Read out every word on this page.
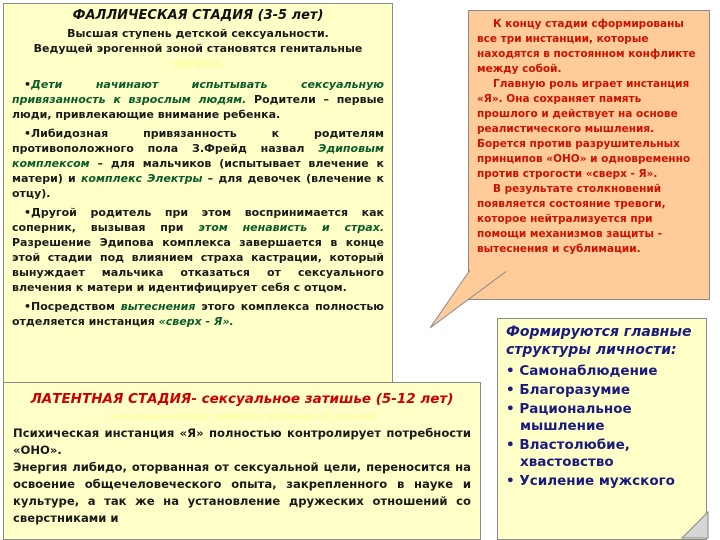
ФАЛЛИЧЕСКАЯ СТАДИЯ (3-5 лет)
Высшая ступень детской сексуальности.
Ведущей эрогенной зоной становятся генитальные органы.
•Дети начинают испытывать сексуальную привязанность к взрослым людям. Родители – первые люди, привлекающие внимание ребенка.
•Либидозная привязанность к родителям противоположного пола З.Фрейд назвал Эдиповым комплексом – для мальчиков (испытывает влечение к матери) и комплекс Электры – для девочек (влечение к отцу).
•Другой родитель при этом воспринимается как соперник, вызывая при этом ненависть и страх. Разрешение Эдипова комплекса завершается в конце этой стадии под влиянием страха кастрации, который вынуждает мальчика отказаться от сексуального влечения к матери и идентифицирует себя с отцом.
•Посредством вытеснения этого комплекса полностью отделяется инстанция «сверх - Я».

К концу стадии сформированы все три инстанции, которые находятся в постоянном конфликте между собой.

Главную роль играет инстанция «Я». Она сохраняет память прошлого и действует на основе реалистического мышления. Борется против разрушительных принципов «ОНО» и одновременно против строгости «сверх - Я».

В результате столкновений появляется состояние тревоги, которое нейтрализуется при помощи механизмов защиты - вытеснения и сублимации.

Формируются главные структуры личности:
• Самонаблюдение
• Благоразумие
• Рациональное мышление
• Властолюбие, хвастовство
• Усиление мужского
ЛАТЕНТНАЯ СТАДИЯ- сексуальное затишье (5-12 лет)
Сексуальный интерес снижается, инстанция «Я» всецело

Психическая инстанция «Я» полностью контролирует потребности «ОНО».

Энергия либидо, оторванная от сексуальной цели, переносится на освоение общечеловеческого опыта, закрепленного в науке и культуре, а так же на установление дружеских отношений со сверстниками и
